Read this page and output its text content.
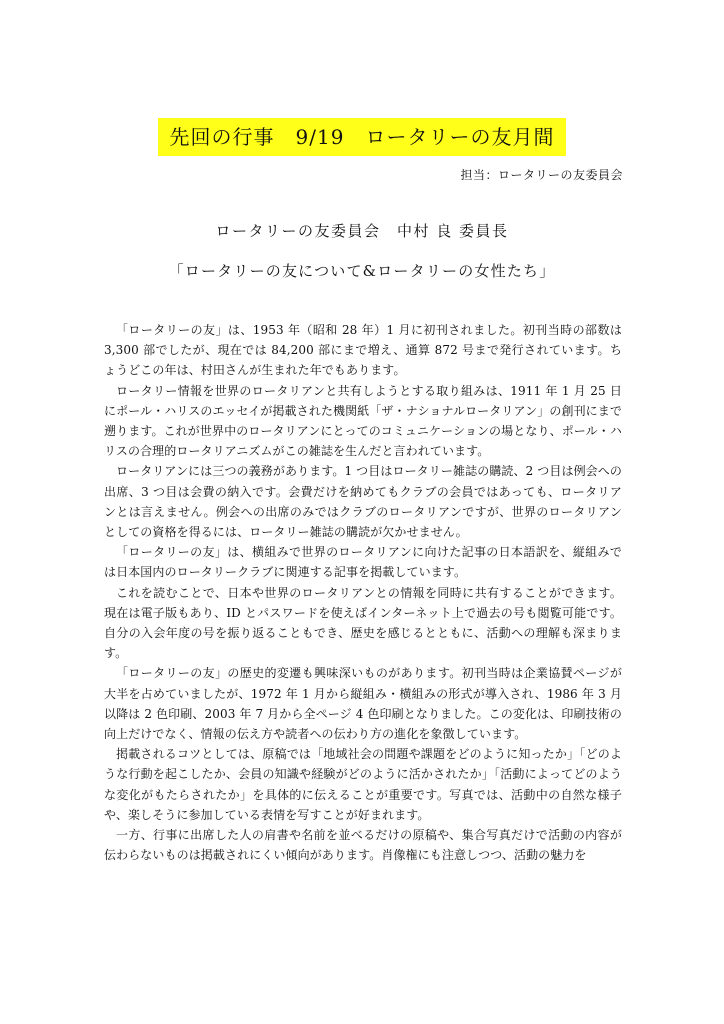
先回の行事　9/19　ロータリーの友月間
担当：ロータリーの友委員会
ロータリーの友委員会　中村 良 委員長
「ロータリーの友について&ロータリーの女性たち」

「ロータリーの友」は、1953 年（昭和 28 年）1 月に初刊されました。初刊当時の部数は 3,300 部でしたが、現在では 84,200 部にまで増え、通算 872 号まで発行されています。ちょうどこの年は、村田さんが生まれた年でもあります。

ロータリー情報を世界のロータリアンと共有しようとする取り組みは、1911 年 1 月 25 日にポール・ハリスのエッセイが掲載された機関紙「ザ・ナショナルロータリアン」の創刊にまで遡ります。これが世界中のロータリアンにとってのコミュニケーションの場となり、ポール・ハリスの合理的ロータリアニズムがこの雑誌を生んだと言われています。

ロータリアンには三つの義務があります。1 つ目はロータリー雑誌の購読、2 つ目は例会への出席、3 つ目は会費の納入です。会費だけを納めてもクラブの会員ではあっても、ロータリアンとは言えません。例会への出席のみではクラブのロータリアンですが、世界のロータリアンとしての資格を得るには、ロータリー雑誌の購読が欠かせません。

「ロータリーの友」は、横組みで世界のロータリアンに向けた記事の日本語訳を、縦組みでは日本国内のロータリークラブに関連する記事を掲載しています。

これを読むことで、日本や世界のロータリアンとの情報を同時に共有することができます。現在は電子版もあり、ID とパスワードを使えばインターネット上で過去の号も閲覧可能です。自分の入会年度の号を振り返ることもでき、歴史を感じるとともに、活動への理解も深まります。

「ロータリーの友」の歴史的変遷も興味深いものがあります。初刊当時は企業協賛ページが大半を占めていましたが、1972 年 1 月から縦組み・横組みの形式が導入され、1986 年 3 月以降は 2 色印刷、2003 年 7 月から全ページ 4 色印刷となりました。この変化は、印刷技術の向上だけでなく、情報の伝え方や読者への伝わり方の進化を象徴しています。

掲載されるコツとしては、原稿では「地域社会の問題や課題をどのように知ったか」「どのような行動を起こしたか、会員の知識や経験がどのように活かされたか」「活動によってどのような変化がもたらされたか」を具体的に伝えることが重要です。写真では、活動中の自然な様子や、楽しそうに参加している表情を写すことが好まれます。

一方、行事に出席した人の肩書や名前を並べるだけの原稿や、集合写真だけで活動の内容が伝わらないものは掲載されにくい傾向があります。肖像権にも注意しつつ、活動の魅力を
